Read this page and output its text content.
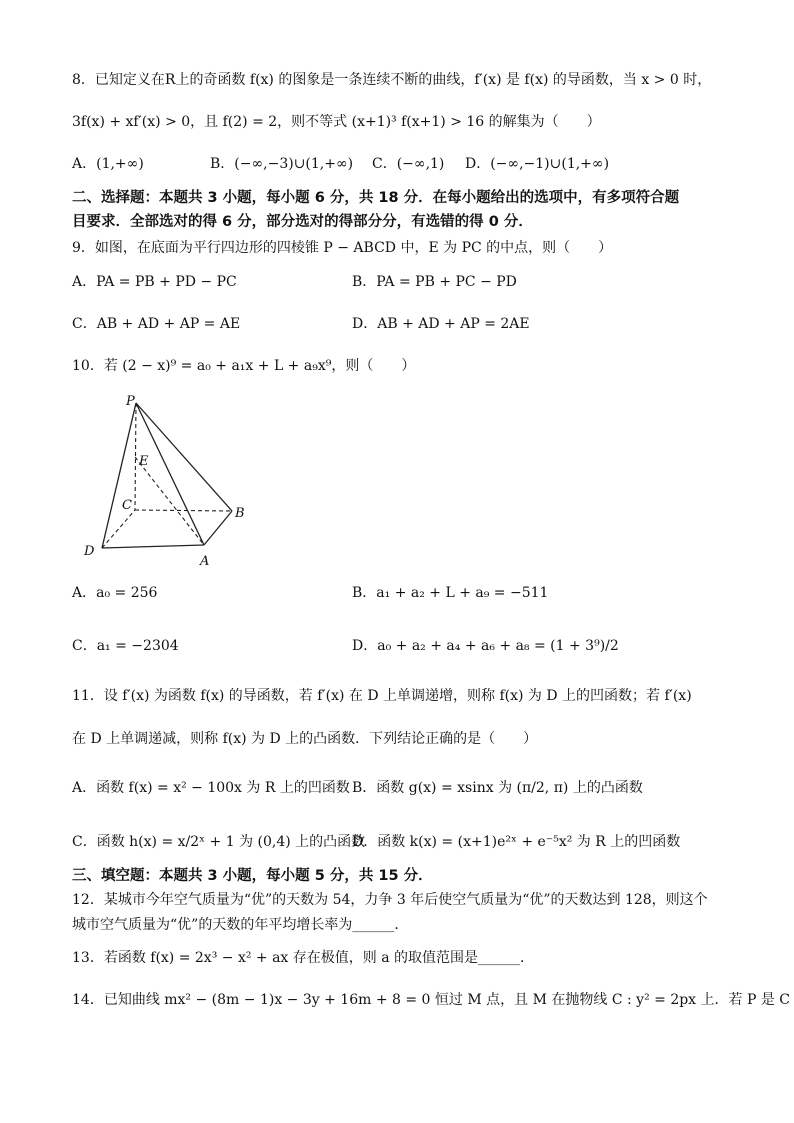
8．已知定义在R上的奇函数 f(x) 的图象是一条连续不断的曲线，f′(x) 是 f(x) 的导函数，当 x > 0 时，
3f(x) + xf′(x) > 0，且 f(2) = 2，则不等式 (x+1)³ f(x+1) > 16 的解集为（　　）
A．(1,+∞)	B．(−∞,−3)∪(1,+∞) C．(−∞,1) D．(−∞,−1)∪(1,+∞)
二、选择题：本题共 3 小题，每小题 6 分，共 18 分．在每小题给出的选项中，有多项符合题
目要求．全部选对的得 6 分，部分选对的得部分分，有选错的得 0 分．
9．如图，在底面为平行四边形的四棱锥 P − ABCD 中，E 为 PC 的中点，则（　　）
A．PA = PB + PD − PC	B．PA = PB + PC − PD
C．AB + AD + AP = AE	D．AB + AD + AP = 2AE
10．若 (2 − x)⁹ = a₀ + a₁x + L + a₉x⁹，则（　　）
P
E
C
B
D
A
A．a₀ = 256	B．a₁ + a₂ + L + a₉ = −511
C．a₁ = −2304	D．a₀ + a₂ + a₄ + a₆ + a₈ = (1 + 3⁹)/2
11．设 f′(x) 为函数 f(x) 的导函数，若 f′(x) 在 D 上单调递增，则称 f(x) 为 D 上的凹函数；若 f′(x)
在 D 上单调递减，则称 f(x) 为 D 上的凸函数．下列结论正确的是（　　）
A．函数 f(x) = x² − 100x 为 R 上的凹函数 B．函数 g(x) = xsinx 为 (π/2, π) 上的凸函数
C．函数 h(x) = x/2ˣ + 1 为 (0,4) 上的凸函数
D．函数 k(x) = (x+1)e²ˣ + e⁻⁵x² 为 R 上的凹函数
三、填空题：本题共 3 小题，每小题 5 分，共 15 分．
12．某城市今年空气质量为“优”的天数为 54，力争 3 年后使空气质量为“优”的天数达到 128，则这个
城市空气质量为“优”的天数的年平均增长率为______．
13．若函数 f(x) = 2x³ − x² + ax 存在极值，则 a 的取值范围是______．
14．已知曲线 mx² − (8m − 1)x − 3y + 16m + 8 = 0 恒过 M 点，且 M 在抛物线 C : y² = 2px 上．若 P 是 C
